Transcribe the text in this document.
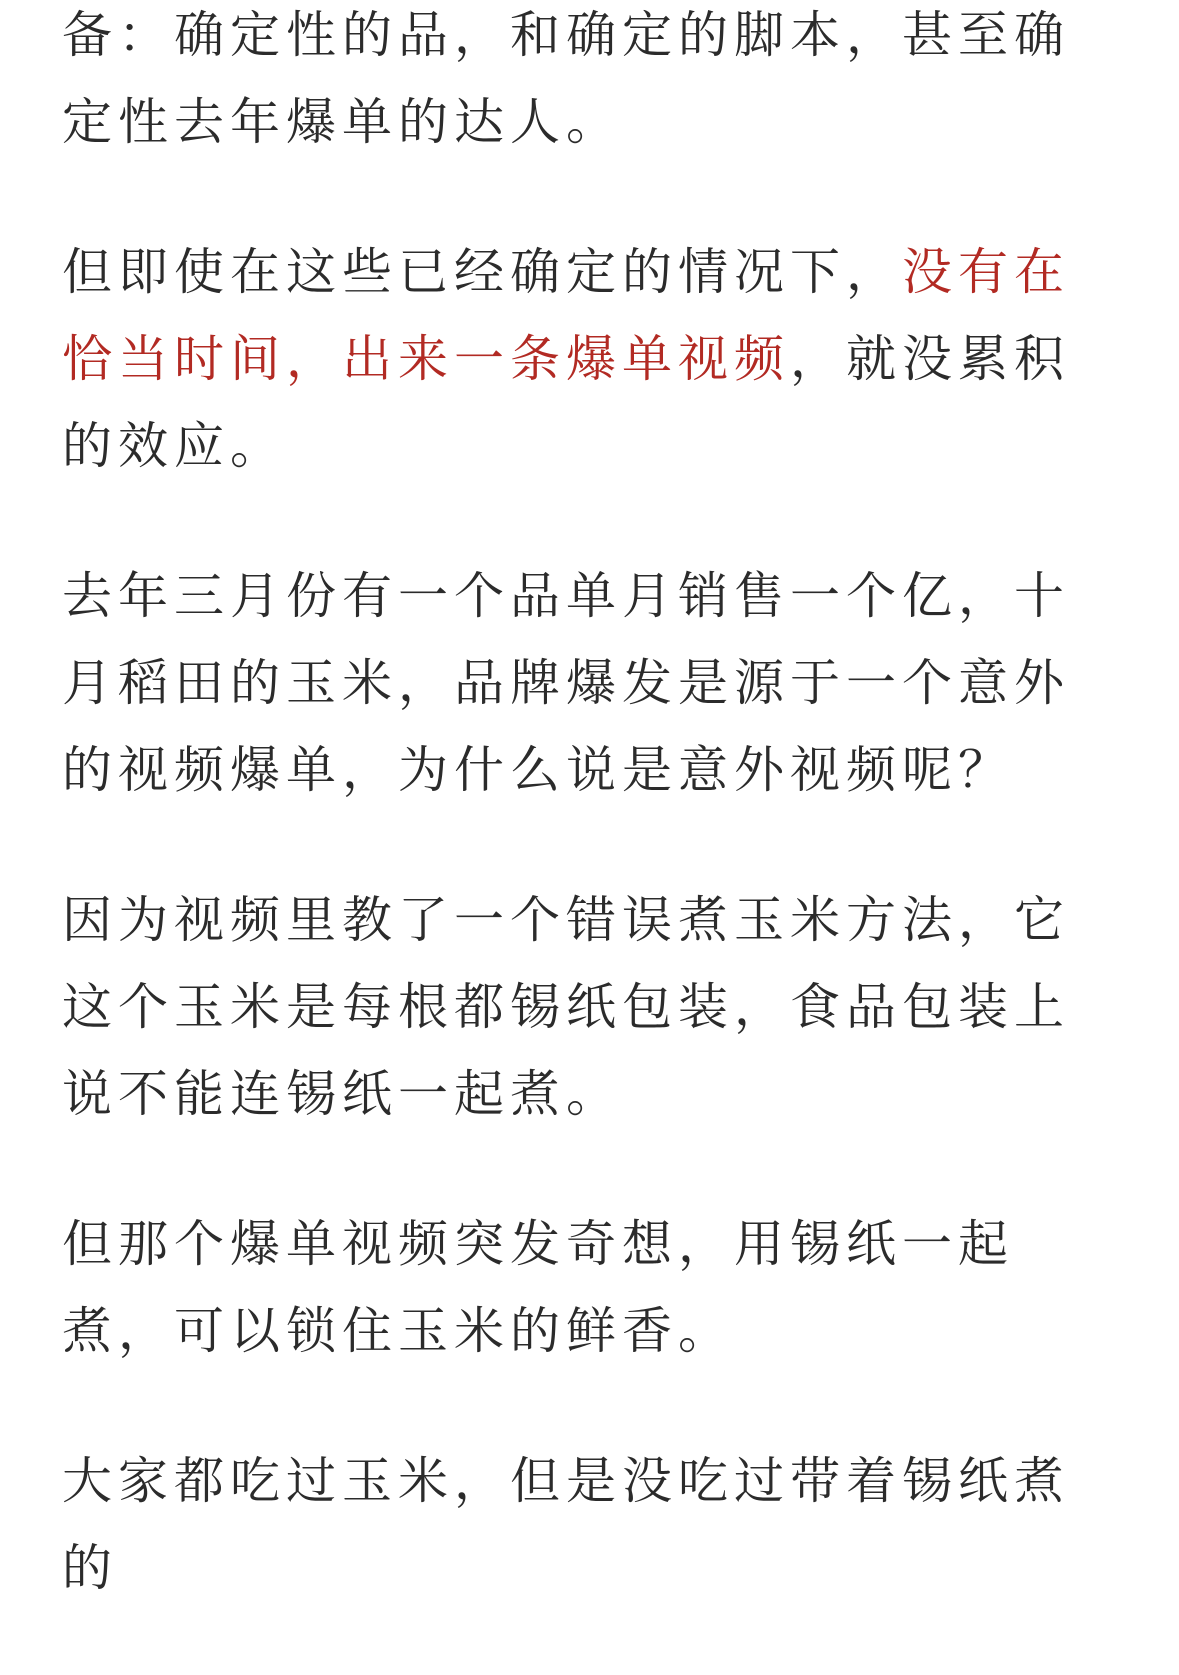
备：确定性的品，和确定的脚本，甚至确定性去年爆单的达人。

但即使在这些已经确定的情况下，没有在恰当时间，出来一条爆单视频，就没累积的效应。

去年三月份有一个品单月销售一个亿，十月稻田的玉米，品牌爆发是源于一个意外的视频爆单，为什么说是意外视频呢？

因为视频里教了一个错误煮玉米方法，它这个玉米是每根都锡纸包装，食品包装上说不能连锡纸一起煮。

但那个爆单视频突发奇想，用锡纸一起煮，可以锁住玉米的鲜香。

大家都吃过玉米，但是没吃过带着锡纸煮的
